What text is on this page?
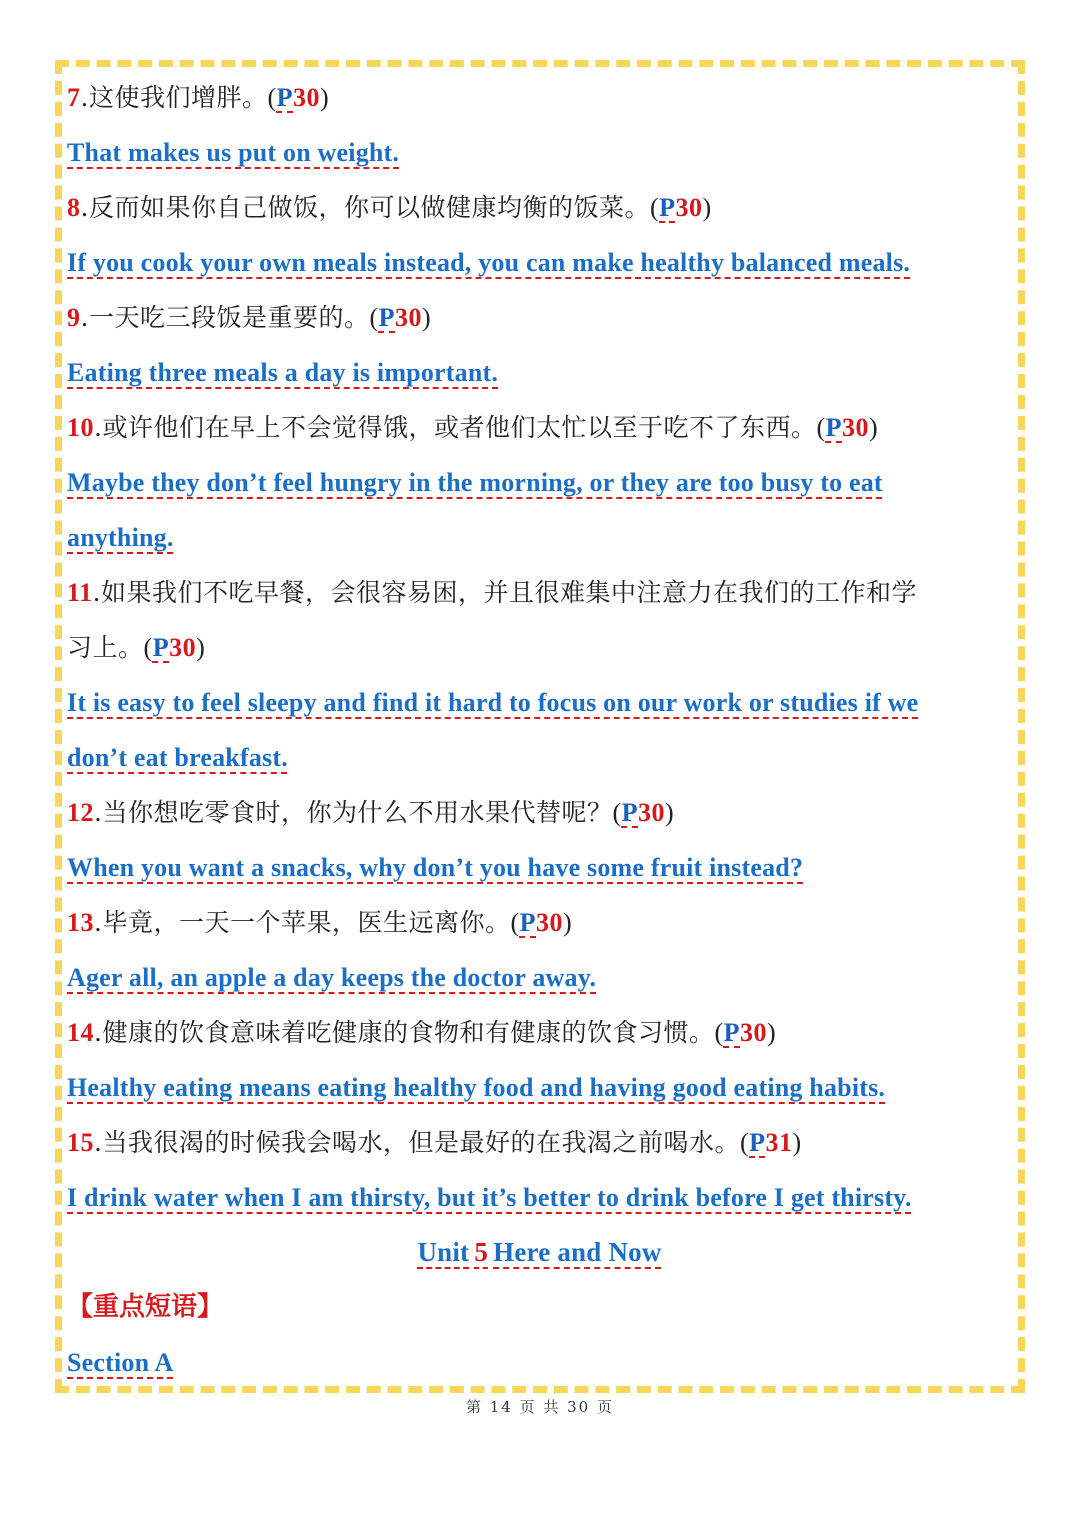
7.这使我们增胖。(P30)
That makes us put on weight.
8.反而如果你自己做饭，你可以做健康均衡的饭菜。(P30)
If you cook your own meals instead, you can make healthy balanced meals.
9.一天吃三段饭是重要的。(P30)
Eating three meals a day is important.
10.或许他们在早上不会觉得饿，或者他们太忙以至于吃不了东西。(P30)
Maybe they don’t feel hungry in the morning, or they are too busy to eat
anything.
11.如果我们不吃早餐，会很容易困，并且很难集中注意力在我们的工作和学
习上。(P30)
It is easy to feel sleepy and find it hard to focus on our work or studies if we
don’t eat breakfast.
12.当你想吃零食时，你为什么不用水果代替呢？(P30)
When you want a snacks, why don’t you have some fruit instead?
13.毕竟，一天一个苹果，医生远离你。(P30)
Ager all, an apple a day keeps the doctor away.
14.健康的饮食意味着吃健康的食物和有健康的饮食习惯。(P30)
Healthy eating means eating healthy food and having good eating habits.
15.当我很渴的时候我会喝水，但是最好的在我渴之前喝水。(P31)
I drink water when I am thirsty, but it’s better to drink before I get thirsty.
Unit 5 Here and Now
【重点短语】
Section A
第 14 页 共 30 页
